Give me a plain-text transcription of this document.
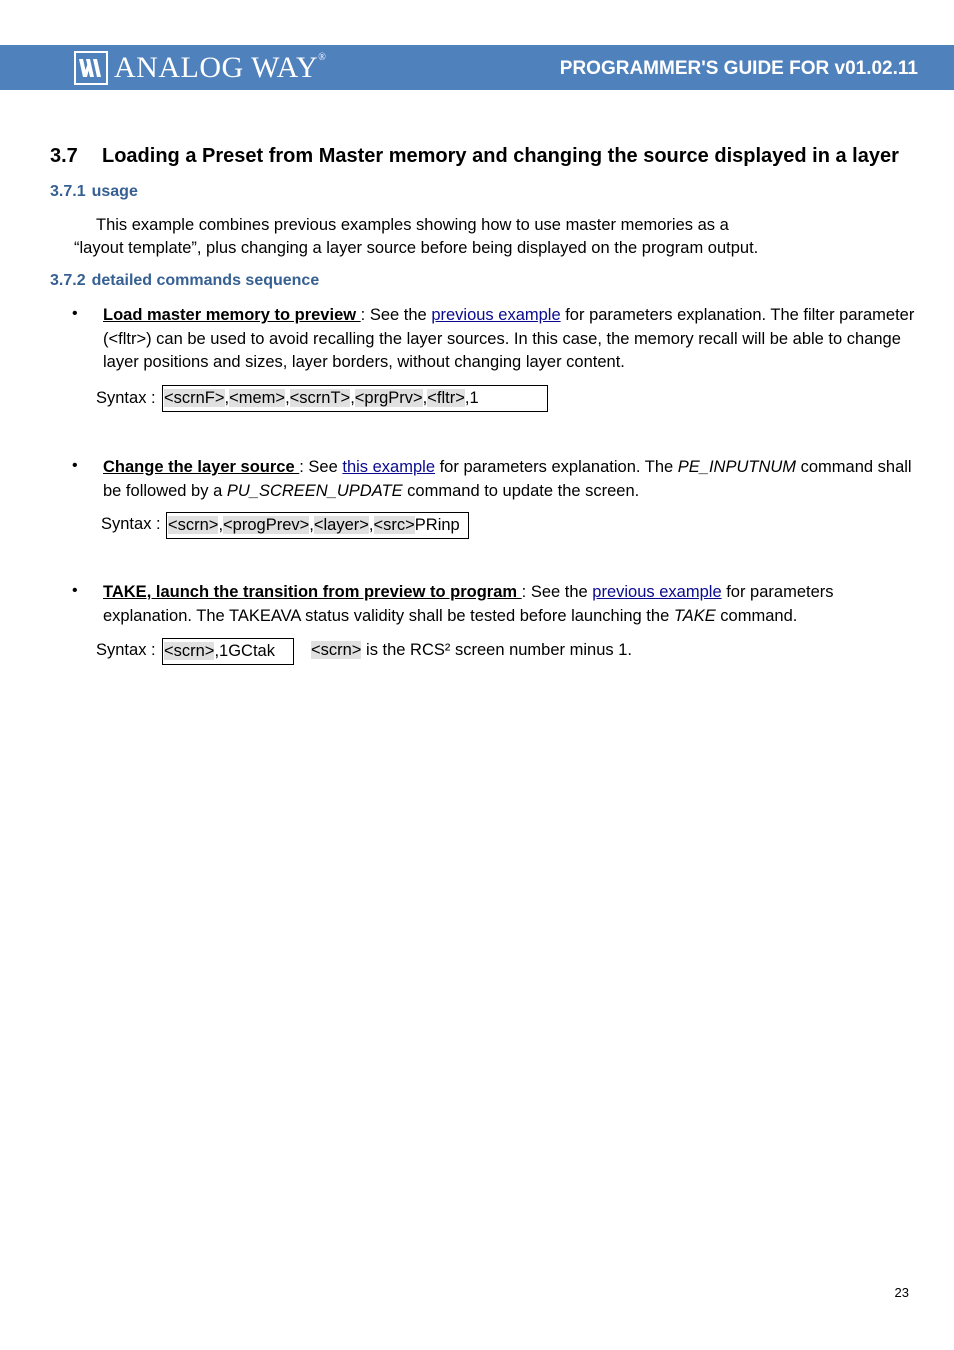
ANALOG WAY®
PROGRAMMER'S GUIDE FOR v01.02.11
3.7 Loading a Preset from Master memory and changing the source displayed in a layer
3.7.1 usage
This example combines previous examples showing how to use master memories as a
“layout template”, plus changing a layer source before being displayed on the program output.
3.7.2 detailed commands sequence
• Load master memory to preview : See the previous example for parameters explanation. The filter parameter (<fltr>) can be used to avoid recalling the layer sources. In this case, the memory recall will be able to change layer positions and sizes, layer borders, without changing layer content.
Syntax : <scrnF>,<mem>,<scrnT>,<prgPrv>,<fltr>,1
• Change the layer source : See this example for parameters explanation. The PE_INPUTNUM command shall be followed by a PU_SCREEN_UPDATE command to update the screen.
Syntax : <scrn>,<progPrev>,<layer>,<src>PRinp
• TAKE, launch the transition from preview to program : See the previous example for parameters explanation. The TAKEAVA status validity shall be tested before launching the TAKE command.
Syntax : <scrn>,1GCtak	<scrn> is the RCS² screen number minus 1.
23
